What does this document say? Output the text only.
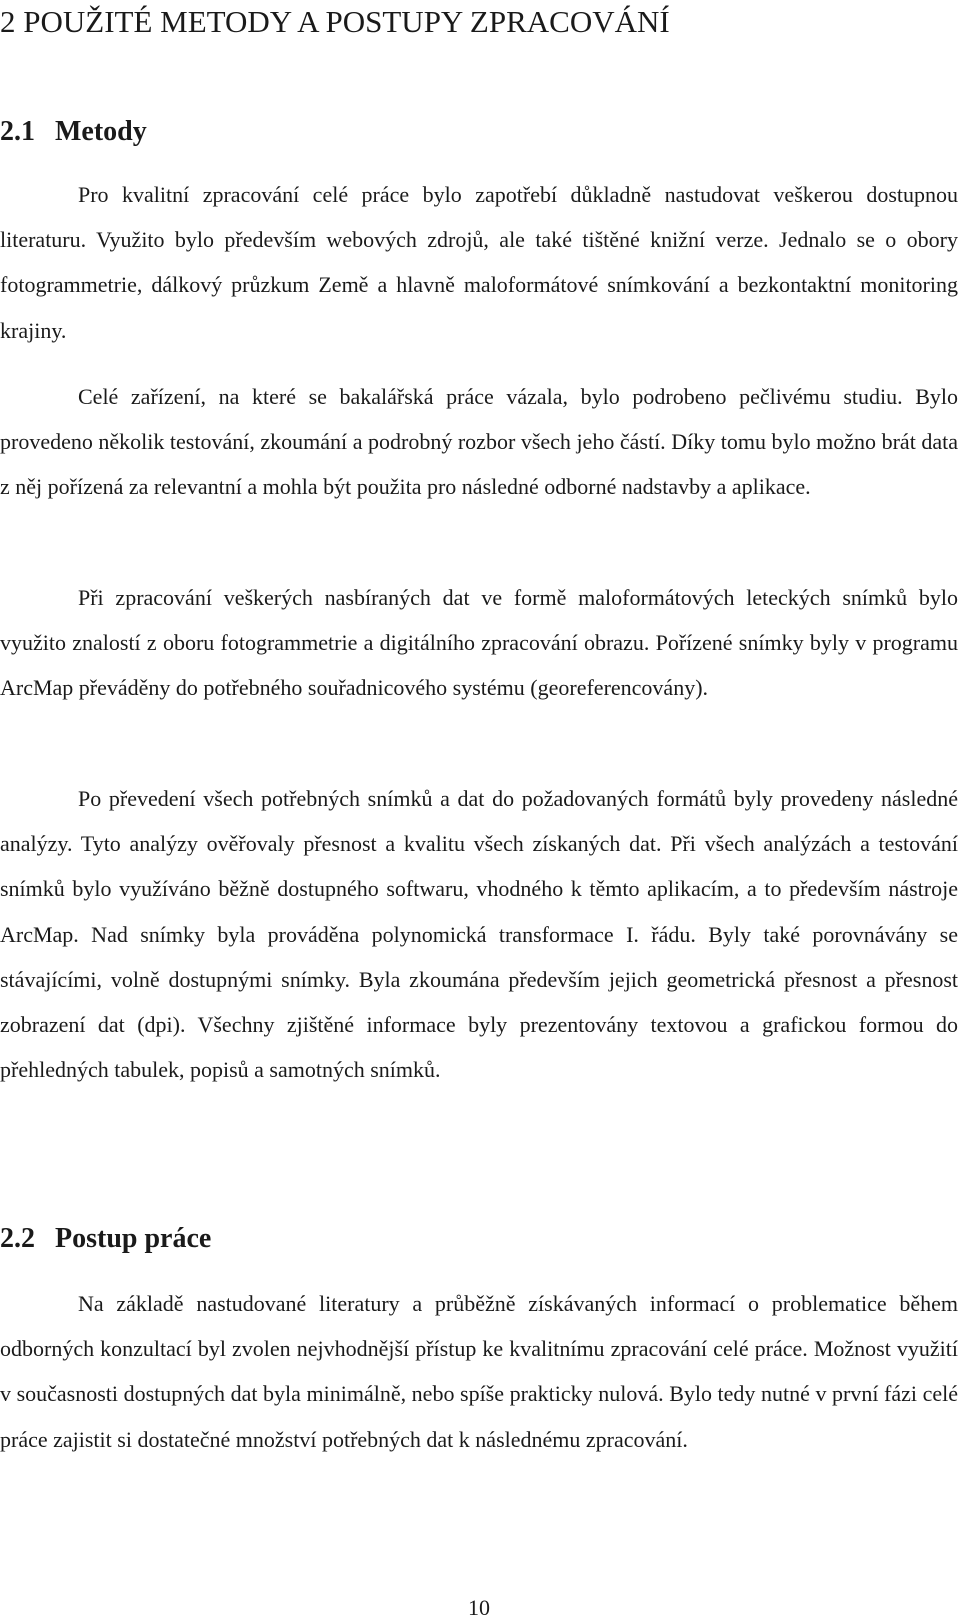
2 POUŽITÉ METODY A POSTUPY ZPRACOVÁNÍ
2.1 Metody

Pro kvalitní zpracování celé práce bylo zapotřebí důkladně nastudovat veškerou dostupnou literaturu. Využito bylo především webových zdrojů, ale také tištěné knižní verze. Jednalo se o obory fotogrammetrie, dálkový průzkum Země a hlavně maloformátové snímkování a bezkontaktní monitoring krajiny.

Celé zařízení, na které se bakalářská práce vázala, bylo podrobeno pečlivému studiu. Bylo provedeno několik testování, zkoumání a podrobný rozbor všech jeho částí. Díky tomu bylo možno brát data z něj pořízená za relevantní a mohla být použita pro následné odborné nadstavby a aplikace.

Při zpracování veškerých nasbíraných dat ve formě maloformátových leteckých snímků bylo využito znalostí z oboru fotogrammetrie a digitálního zpracování obrazu. Pořízené snímky byly v programu ArcMap převáděny do potřebného souřadnicového systému (georeferencovány).

Po převedení všech potřebných snímků a dat do požadovaných formátů byly provedeny následné analýzy. Tyto analýzy ověřovaly přesnost a kvalitu všech získaných dat. Při všech analýzách a testování snímků bylo využíváno běžně dostupného softwaru, vhodného k těmto aplikacím, a to především nástroje ArcMap. Nad snímky byla prováděna polynomická transformace I. řádu. Byly také porovnávány se stávajícími, volně dostupnými snímky. Byla zkoumána především jejich geometrická přesnost a přesnost zobrazení dat (dpi). Všechny zjištěné informace byly prezentovány textovou a grafickou formou do přehledných tabulek, popisů a samotných snímků.

2.2 Postup práce

Na základě nastudované literatury a průběžně získávaných informací o problematice během odborných konzultací byl zvolen nejvhodnější přístup ke kvalitnímu zpracování celé práce. Možnost využití v současnosti dostupných dat byla minimálně, nebo spíše prakticky nulová. Bylo tedy nutné v první fázi celé práce zajistit si dostatečné množství potřebných dat k následnému zpracování.

10
